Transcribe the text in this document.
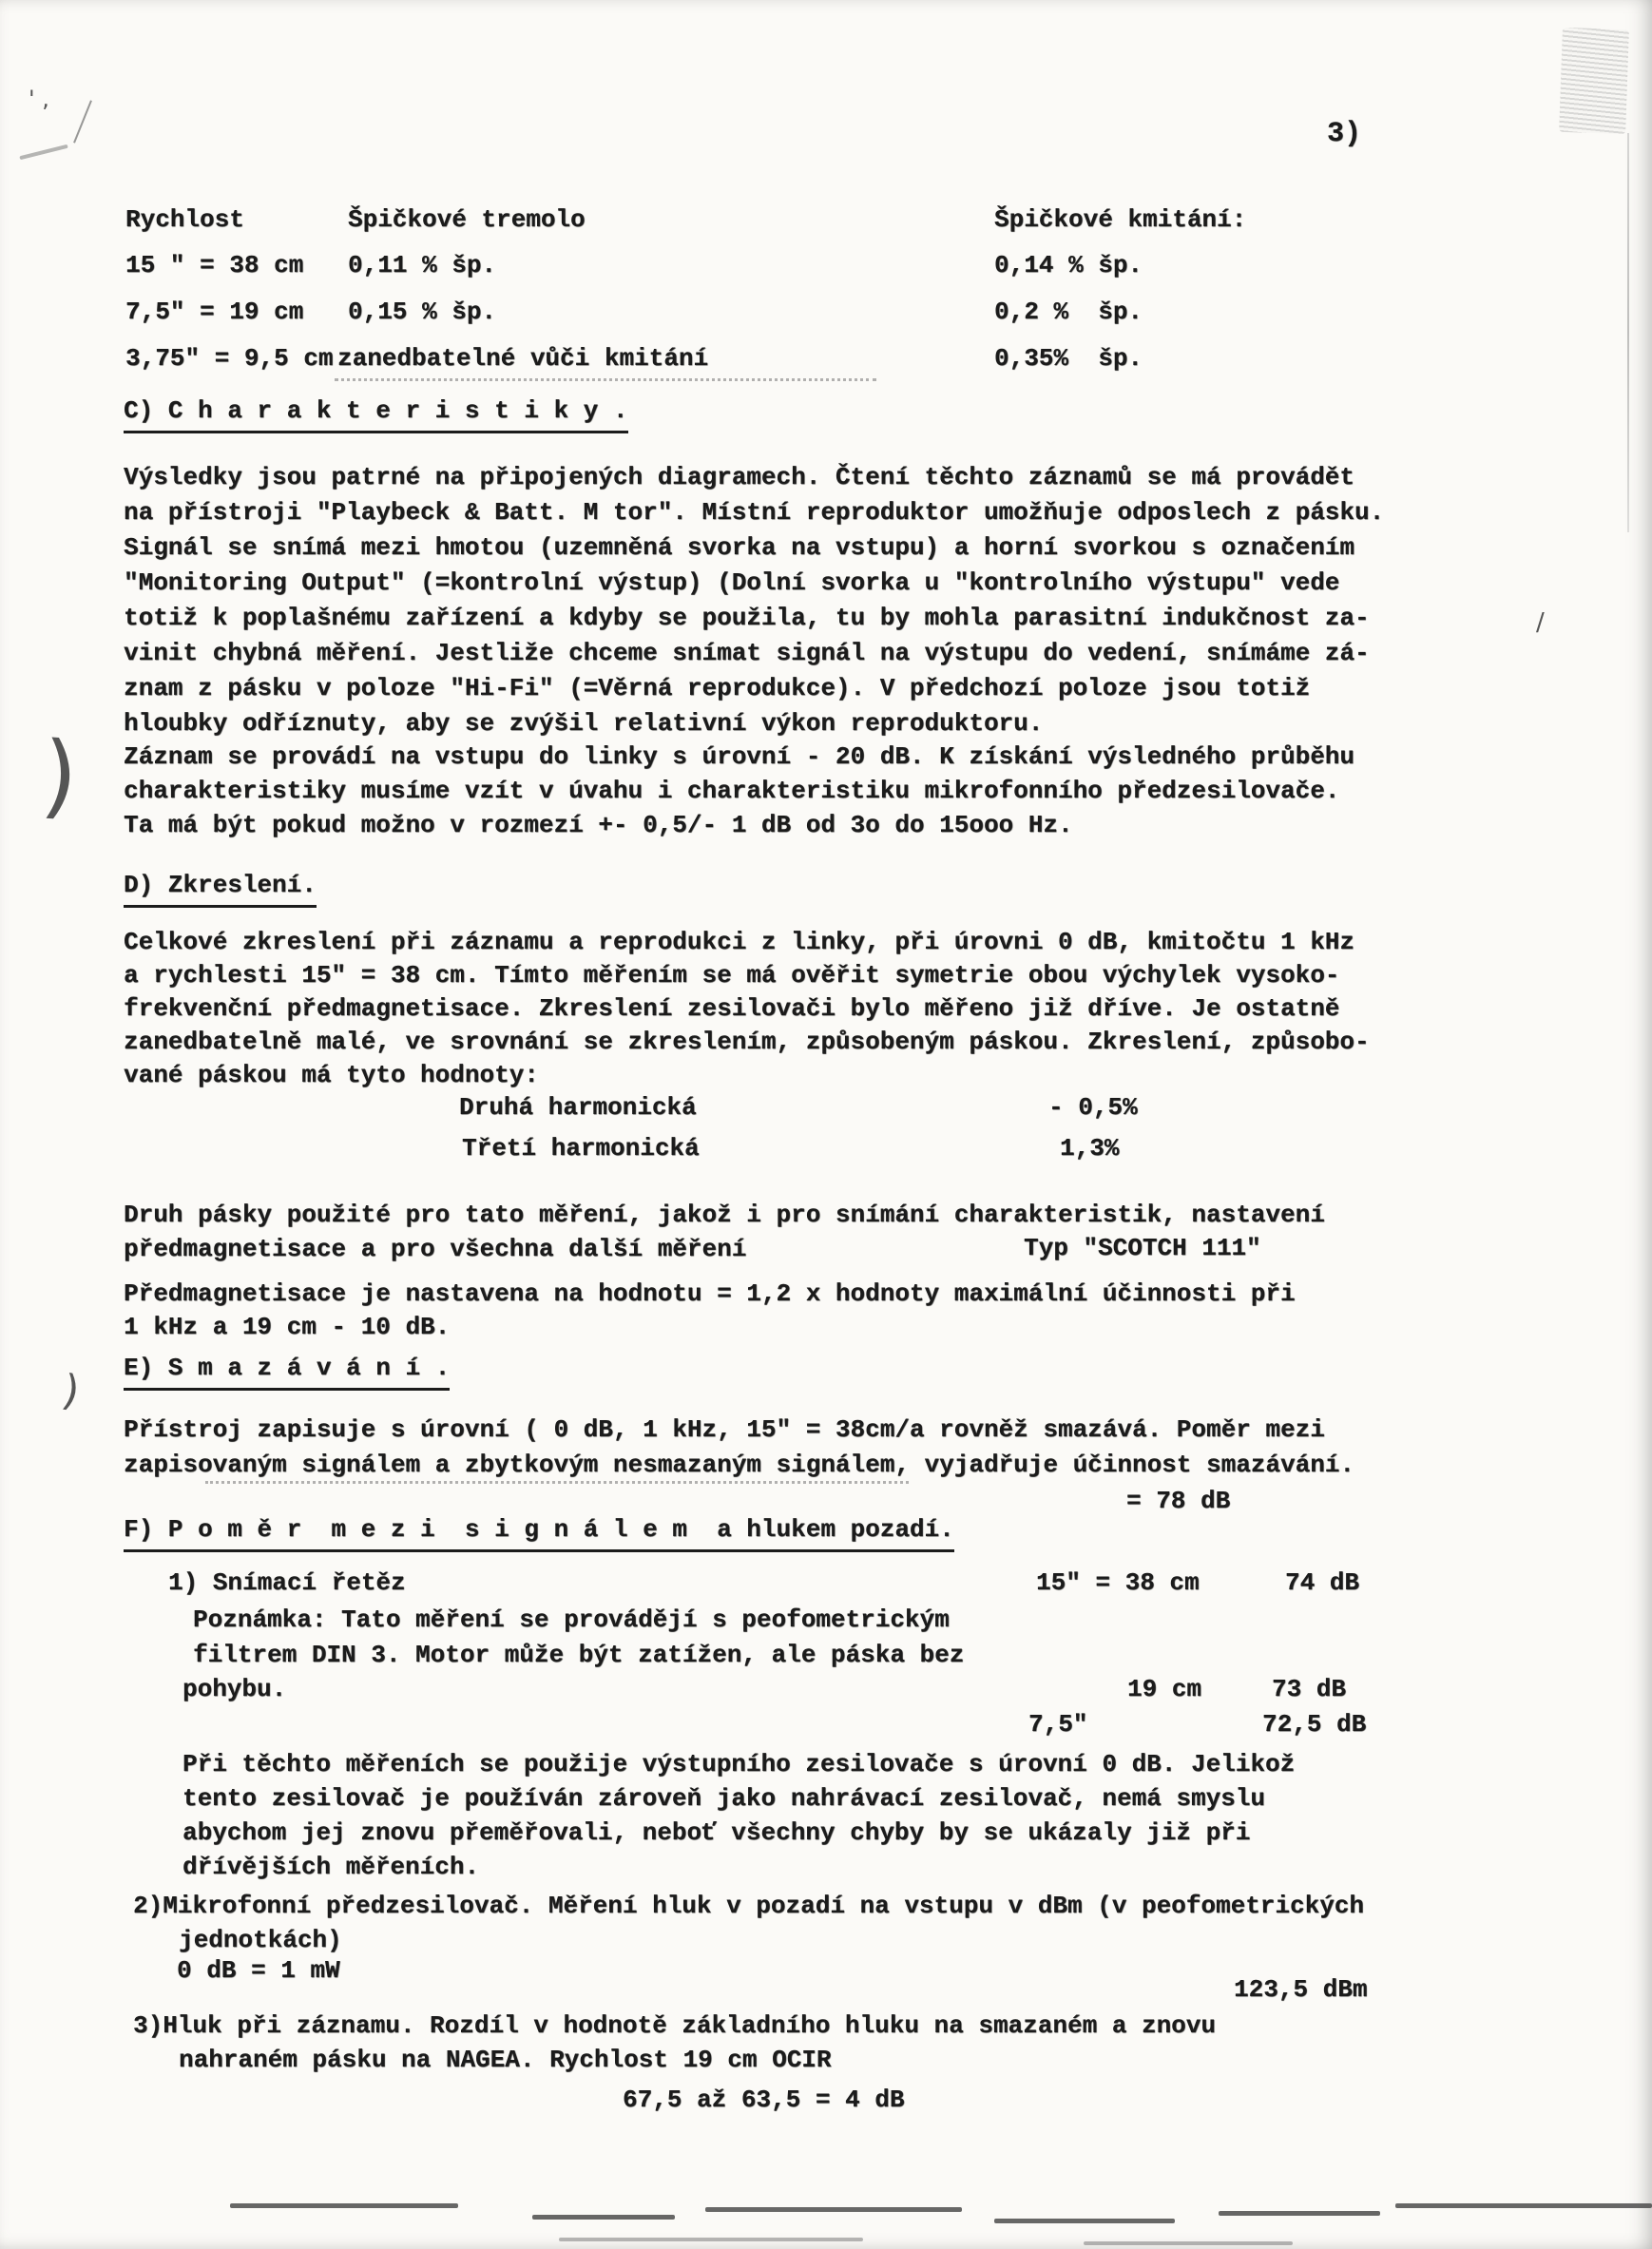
' ,
)
)
/
3)
Rychlost	Špičkové tremolo	Špičkové kmitání:
15 " = 38 cm 0,11 % šp.	0,14 % šp.
7,5" = 19 cm 0,15 % šp.	0,2 %  šp.
3,75" = 9,5 cm zanedbatelné vůči kmitání	0,35%  šp.
C) C h a r a k t e r i s t i k y .
Výsledky jsou patrné na připojených diagramech. Čtení těchto záznamů se má provádět
na přístroji "Playbeck & Batt. M tor". Místní reproduktor umožňuje odposlech z pásku.
Signál se snímá mezi hmotou (uzemněná svorka na vstupu) a horní svorkou s označením
"Monitoring Output" (=kontrolní výstup) (Dolní svorka u "kontrolního výstupu" vede
totiž k poplašnému zařízení a kdyby se použila, tu by mohla parasitní indukčnost za-
vinit chybná měření. Jestliže chceme snímat signál na výstupu do vedení, snímáme zá-
znam z pásku v poloze "Hi-Fi" (=Věrná reprodukce). V předchozí poloze jsou totiž
hloubky odříznuty, aby se zvýšil relativní výkon reproduktoru.
Záznam se provádí na vstupu do linky s úrovní - 20 dB. K získání výsledného průběhu
charakteristiky musíme vzít v úvahu i charakteristiku mikrofonního předzesilovače.
Ta má být pokud možno v rozmezí +- 0,5/- 1 dB od 3o do 15ooo Hz.
D) Zkreslení.
Celkové zkreslení při záznamu a reprodukci z linky, při úrovni 0 dB, kmitočtu 1 kHz
a rychlesti 15" = 38 cm. Tímto měřením se má ověřit symetrie obou výchylek vysoko-
frekvenční předmagnetisace. Zkreslení zesilovači bylo měřeno již dříve. Je ostatně
zanedbatelně malé, ve srovnání se zkreslením, způsobeným páskou. Zkreslení, způsobo-
vané páskou má tyto hodnoty:
Druhá harmonická	- 0,5%
Třetí harmonická	1,3%
Druh pásky použité pro tato měření, jakož i pro snímání charakteristik, nastavení
předmagnetisace a pro všechna další měření	Typ "SCOTCH 111"
Předmagnetisace je nastavena na hodnotu = 1,2 x hodnoty maximální účinnosti při
1 kHz a 19 cm - 10 dB.
E) S m a z á v á n í .
Přístroj zapisuje s úrovní ( 0 dB, 1 kHz, 15" = 38cm/a rovněž smazává. Poměr mezi
zapisovaným signálem a zbytkovým nesmazaným signálem, vyjadřuje účinnost smazávání.
= 78 dB
F) P o m ě r  m e z i  s i g n á l e m  a hlukem pozadí.
1) Snímací řetěz	15" = 38 cm	74 dB
Poznámka: Tato měření se provádějí s peofometrickým
filtrem DIN 3. Motor může být zatížen, ale páska bez
pohybu.	19 cm	73 dB
7,5"	72,5 dB
Při těchto měřeních se použije výstupního zesilovače s úrovní 0 dB. Jelikož
tento zesilovač je používán zároveň jako nahrávací zesilovač, nemá smyslu
abychom jej znovu přeměřovali, neboť všechny chyby by se ukázaly již při
dřívějších měřeních.
2)Mikrofonní předzesilovač. Měření hluk v pozadí na vstupu v dBm (v peofometrických
jednotkách)
0 dB = 1 mW
123,5 dBm
3)Hluk při záznamu. Rozdíl v hodnotě základního hluku na smazaném a znovu
nahraném pásku na NAGEA. Rychlost 19 cm OCIR
67,5 až 63,5 = 4 dB
